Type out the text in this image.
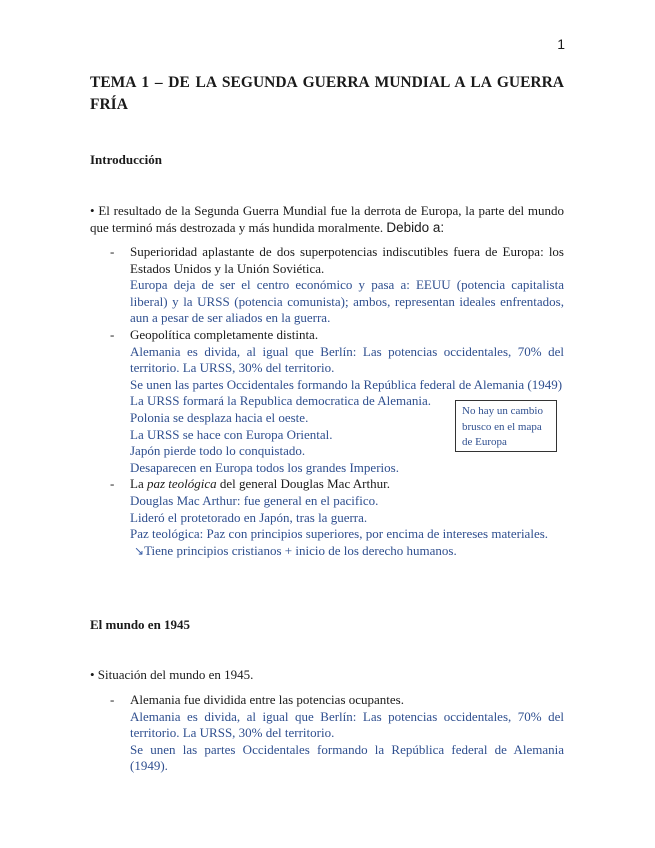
1
TEMA 1 – DE LA SEGUNDA GUERRA MUNDIAL A LA GUERRA FRÍA
Introducción

• El resultado de la Segunda Guerra Mundial fue la derrota de Europa, la parte del mundo que terminó más destrozada y más hundida moralmente. Debido a:

- Superioridad aplastante de dos superpotencias indiscutibles fuera de Europa: los Estados Unidos y la Unión Soviética.
Europa deja de ser el centro económico y pasa a: EEUU (potencia capitalista liberal) y la URSS (potencia comunista); ambos, representan ideales enfrentados, aun a pesar de ser aliados en la guerra.
- Geopolítica completamente distinta.
Alemania es divida, al igual que Berlín: Las potencias occidentales, 70% del territorio. La URSS, 30% del territorio.
Se unen las partes Occidentales formando la República federal de Alemania (1949)
La URSS formará la Republica democratica de Alemania.
Polonia se desplaza hacia el oeste.
La URSS se hace con Europa Oriental.
Japón pierde todo lo conquistado.
Desaparecen en Europa todos los grandes Imperios.
- La paz teológica del general Douglas Mac Arthur.
Douglas Mac Arthur: fue general en el pacifico.
Lideró el protetorado en Japón, tras la guerra.
Paz teológica: Paz con principios superiores, por encima de intereses materiales.
↘Tiene principios cristianos + inicio de los derecho humanos.
No hay un cambio brusco en el mapa de Europa
El mundo en 1945

• Situación del mundo en 1945.

- Alemania fue dividida entre las potencias ocupantes.
Alemania es divida, al igual que Berlín: Las potencias occidentales, 70% del territorio. La URSS, 30% del territorio.
Se unen las partes Occidentales formando la República federal de Alemania (1949).
